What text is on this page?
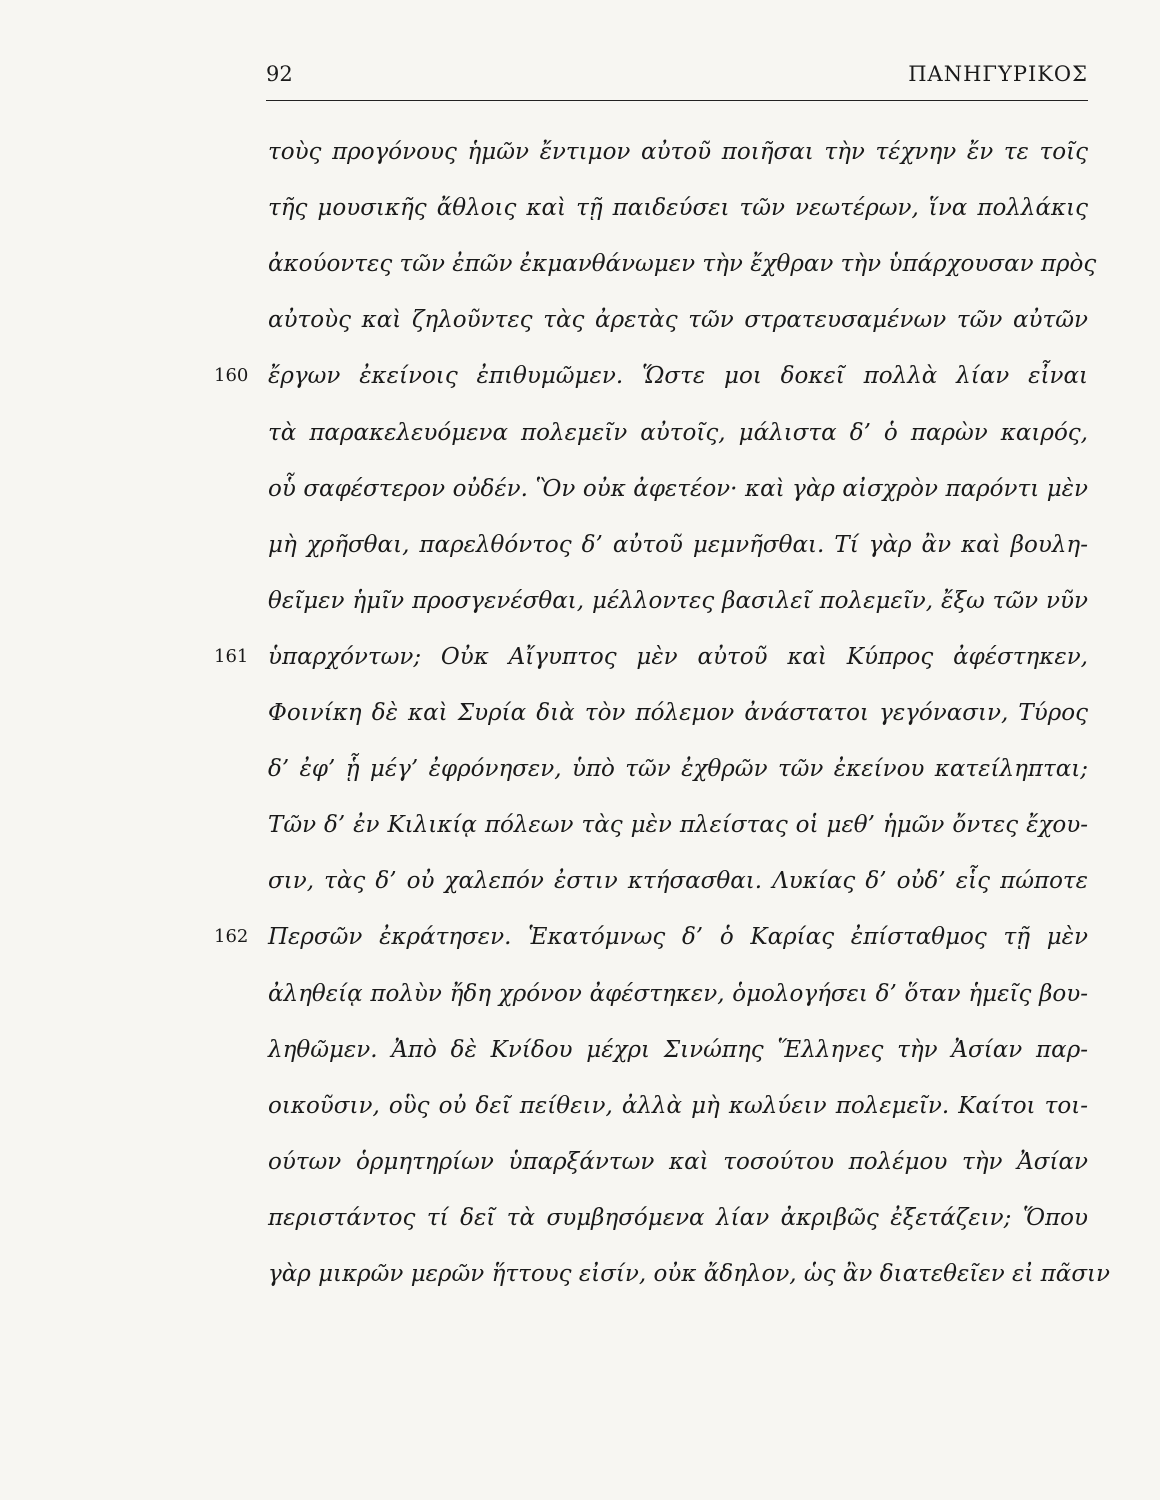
92	ΠΑΝΗΓΥΡΙΚΟΣ
τοὺς προγόνους ἡμῶν ἔντιμον αὐτοῦ ποιῆσαι τὴν τέχνην ἔν τε τοῖς
τῆς μουσικῆς ἄθλοις καὶ τῇ παιδεύσει τῶν νεωτέρων, ἵνα πολλάκις
ἀκούοντες τῶν ἐπῶν ἐκμανθάνωμεν τὴν ἔχθραν τὴν ὑπάρχουσαν πρὸς
αὐτοὺς καὶ ζηλοῦντες τὰς ἀρετὰς τῶν στρατευσαμένων τῶν αὐτῶν
ἔργων ἐκείνοις ἐπιθυμῶμεν. Ὥστε μοι δοκεῖ πολλὰ λίαν εἶναι
160
τὰ παρακελευόμενα πολεμεῖν αὐτοῖς, μάλιστα δ’ ὁ παρὼν καιρός,
οὗ σαφέστερον οὐδέν. Ὃν οὐκ ἀφετέον· καὶ γὰρ αἰσχρὸν παρόντι μὲν
μὴ χρῆσθαι, παρελθόντος δ’ αὐτοῦ μεμνῆσθαι. Τί γὰρ ἂν καὶ βουλη-
θεῖμεν ἡμῖν προσγενέσθαι, μέλλοντες βασιλεῖ πολεμεῖν, ἔξω τῶν νῦν
ὑπαρχόντων; Οὐκ Αἴγυπτος μὲν αὐτοῦ καὶ Κύπρος ἀφέστηκεν,
161
Φοινίκη δὲ καὶ Συρία διὰ τὸν πόλεμον ἀνάστατοι γεγόνασιν, Τύρος
δ’ ἐφ’ ᾗ μέγ’ ἐφρόνησεν, ὑπὸ τῶν ἐχθρῶν τῶν ἐκείνου κατείληπται;
Τῶν δ’ ἐν Κιλικίᾳ πόλεων τὰς μὲν πλείστας οἱ μεθ’ ἡμῶν ὄντες ἔχου-
σιν, τὰς δ’ οὐ χαλεπόν ἐστιν κτήσασθαι. Λυκίας δ’ οὐδ’ εἷς πώποτε
Περσῶν ἐκράτησεν. Ἑκατόμνως δ’ ὁ Καρίας ἐπίσταθμος τῇ μὲν
162
ἀληθείᾳ πολὺν ἤδη χρόνον ἀφέστηκεν, ὁμολογήσει δ’ ὅταν ἡμεῖς βου-
ληθῶμεν. Ἀπὸ δὲ Κνίδου μέχρι Σινώπης Ἕλληνες τὴν Ἀσίαν παρ-
οικοῦσιν, οὓς οὐ δεῖ πείθειν, ἀλλὰ μὴ κωλύειν πολεμεῖν. Καίτοι τοι-
ούτων ὁρμητηρίων ὑπαρξάντων καὶ τοσούτου πολέμου τὴν Ἀσίαν
περιστάντος τί δεῖ τὰ συμβησόμενα λίαν ἀκριβῶς ἐξετάζειν; Ὅπου
γὰρ μικρῶν μερῶν ἥττους εἰσίν, οὐκ ἄδηλον, ὡς ἂν διατεθεῖεν εἰ πᾶσιν
